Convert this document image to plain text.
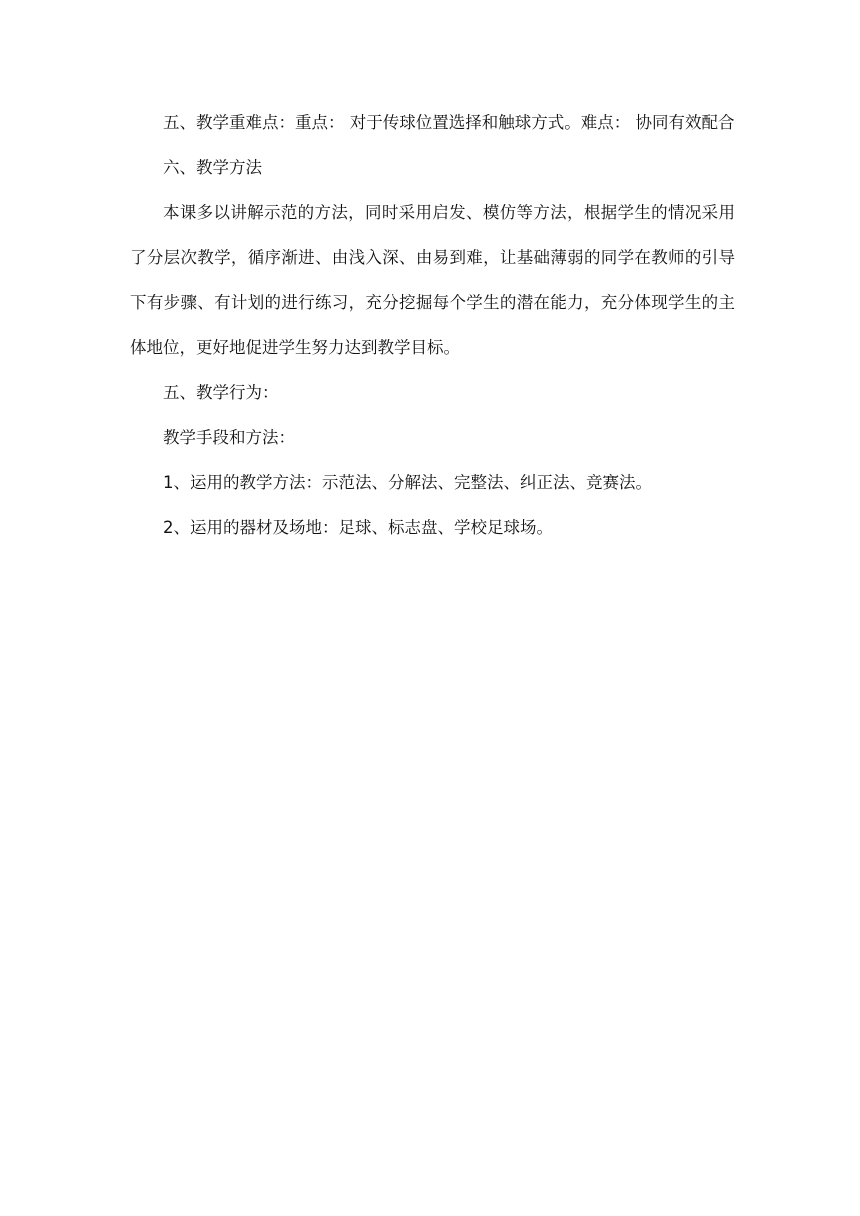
五、教学重难点：重点： 对于传球位置选择和触球方式。难点： 协同有效配合

六、教学方法

本课多以讲解示范的方法，同时采用启发、模仿等方法，根据学生的情况采用了分层次教学，循序渐进、由浅入深、由易到难，让基础薄弱的同学在教师的引导下有步骤、有计划的进行练习，充分挖掘每个学生的潜在能力，充分体现学生的主体地位，更好地促进学生努力达到教学目标。

五、教学行为：

教学手段和方法：

1、运用的教学方法：示范法、分解法、完整法、纠正法、竞赛法。

2、运用的器材及场地：足球、标志盘、学校足球场。
